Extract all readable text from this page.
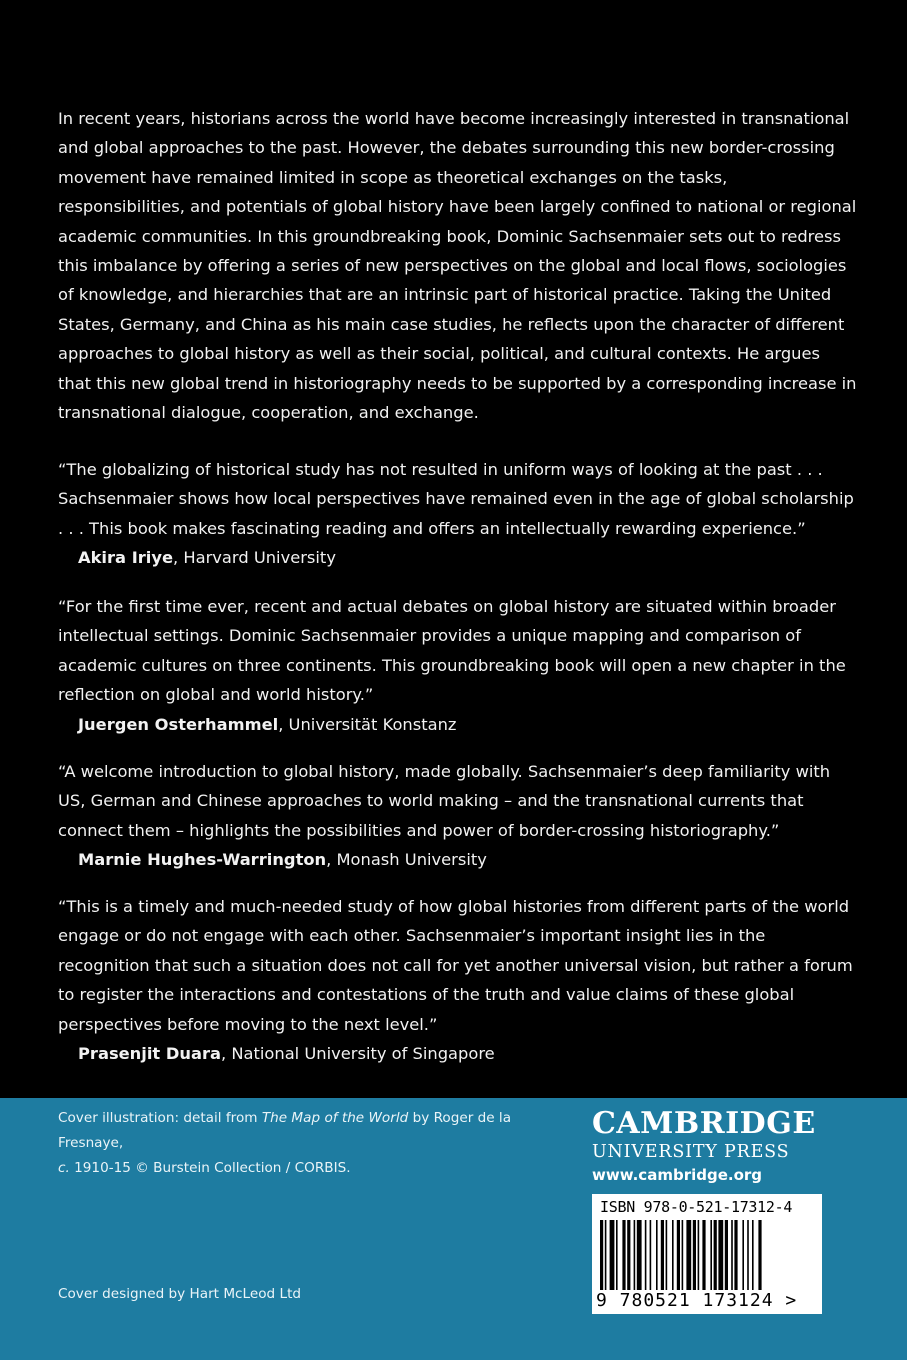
In recent years, historians across the world have become increasingly interested in transnational and global approaches to the past. However, the debates surrounding this new border-crossing movement have remained limited in scope as theoretical exchanges on the tasks, responsibilities, and potentials of global history have been largely confined to national or regional academic communities. In this groundbreaking book, Dominic Sachsenmaier sets out to redress this imbalance by offering a series of new perspectives on the global and local flows, sociologies of knowledge, and hierarchies that are an intrinsic part of historical practice. Taking the United States, Germany, and China as his main case studies, he reflects upon the character of different approaches to global history as well as their social, political, and cultural contexts. He argues that this new global trend in historiography needs to be supported by a corresponding increase in transnational dialogue, cooperation, and exchange.

“The globalizing of historical study has not resulted in uniform ways of looking at the past . . . Sachsenmaier shows how local perspectives have remained even in the age of global scholarship . . . This book makes fascinating reading and offers an intellectually rewarding experience.”

Akira Iriye, Harvard University

“For the first time ever, recent and actual debates on global history are situated within broader intellectual settings. Dominic Sachsenmaier provides a unique mapping and comparison of academic cultures on three continents. This groundbreaking book will open a new chapter in the reflection on global and world history.”

Juergen Osterhammel, Universität Konstanz

“A welcome introduction to global history, made globally. Sachsenmaier’s deep familiarity with US, German and Chinese approaches to world making – and the transnational currents that connect them – highlights the possibilities and power of border-crossing historiography.”

Marnie Hughes-Warrington, Monash University

“This is a timely and much-needed study of how global histories from different parts of the world engage or do not engage with each other. Sachsenmaier’s important insight lies in the recognition that such a situation does not call for yet another universal vision, but rather a forum to register the interactions and contestations of the truth and value claims of these global perspectives before moving to the next level.”

Prasenjit Duara, National University of Singapore

Cover illustration: detail from The Map of the World by Roger de la Fresnaye,
c. 1910-15 © Burstein Collection / CORBIS.

Cover designed by Hart McLeod Ltd

CAMBRIDGE
UNIVERSITY PRESS
www.cambridge.org
ISBN 978-0-521-17312-4
9 780521 173124 >
